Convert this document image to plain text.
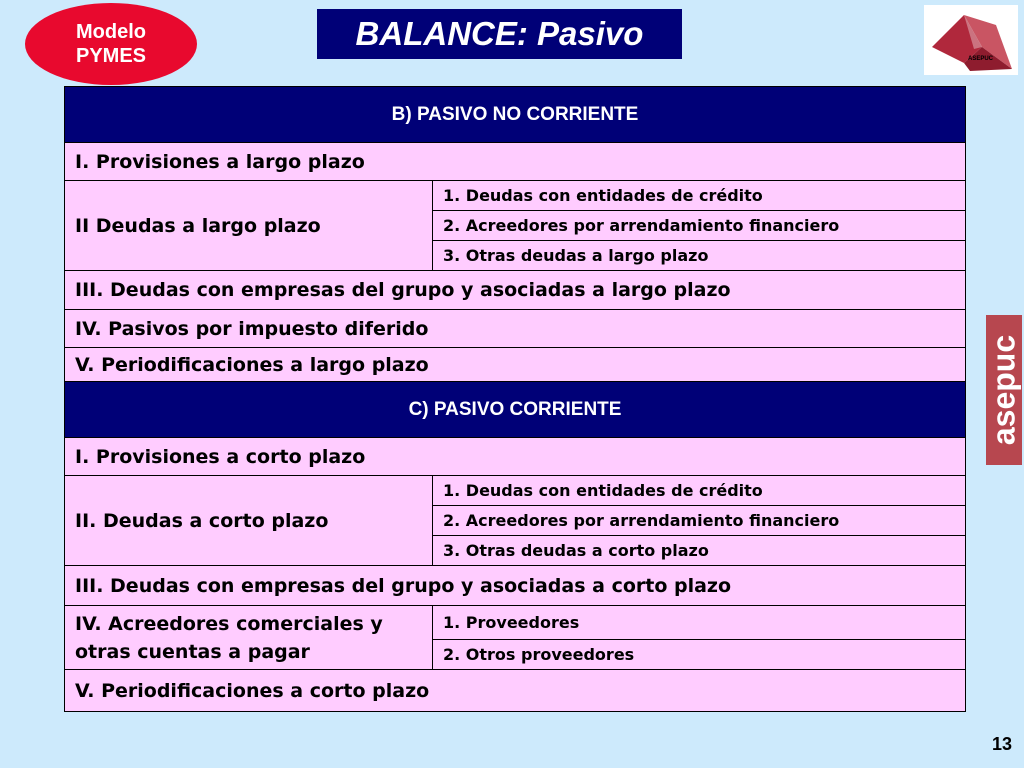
Modelo
PYMES
BALANCE: Pasivo
ASEPUC
asepuc
B) PASIVO NO CORRIENTE	
I. Provisiones a largo plazo	
II Deudas a largo plazo	1. Deudas con entidades de crédito
	2. Acreedores por arrendamiento financiero
	3. Otras deudas a largo plazo
III. Deudas con empresas del grupo y asociadas a largo plazo	
IV. Pasivos por impuesto diferido	
V. Periodificaciones a largo plazo	
C) PASIVO CORRIENTE	
I. Provisiones a corto plazo	
II. Deudas a corto plazo	1. Deudas con entidades de crédito
	2. Acreedores por arrendamiento financiero
	3. Otras deudas a corto plazo
III. Deudas con empresas del grupo y asociadas a corto plazo	
IV. Acreedores comerciales y otras cuentas a pagar	1. Proveedores
	2. Otros proveedores
V. Periodificaciones a corto plazo	
13
